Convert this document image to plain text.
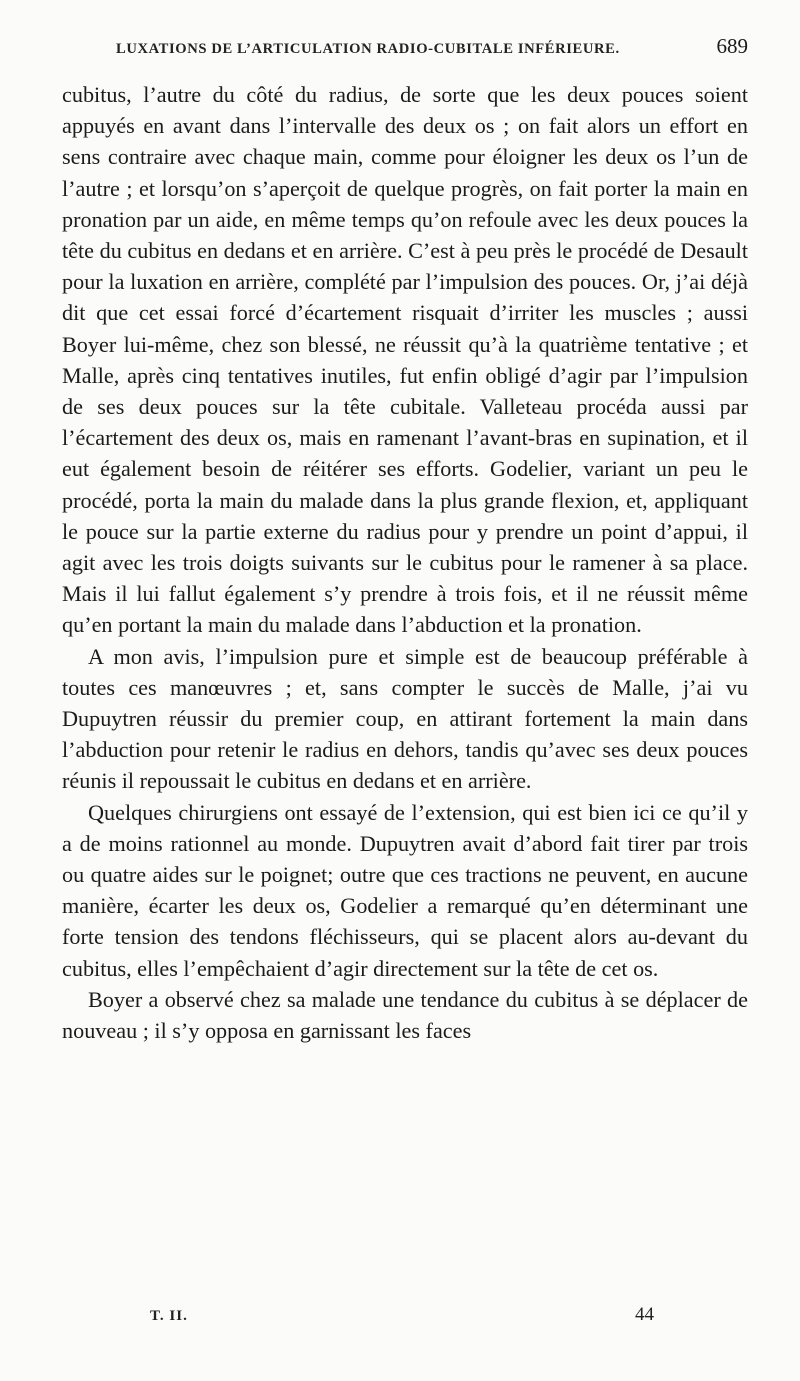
LUXATIONS DE L’ARTICULATION RADIO-CUBITALE INFÉRIEURE.	689

cubitus, l’autre du côté du radius, de sorte que les deux pouces soient appuyés en avant dans l’intervalle des deux os ; on fait alors un effort en sens contraire avec chaque main, comme pour éloigner les deux os l’un de l’autre ; et lorsqu’on s’aperçoit de quelque progrès, on fait porter la main en pronation par un aide, en même temps qu’on refoule avec les deux pouces la tête du cubitus en dedans et en arrière. C’est à peu près le procédé de Desault pour la luxation en arrière, complété par l’impulsion des pouces. Or, j’ai déjà dit que cet essai forcé d’écartement risquait d’irriter les muscles ; aussi Boyer lui-même, chez son blessé, ne réussit qu’à la quatrième tentative ; et Malle, après cinq tentatives inutiles, fut enfin obligé d’agir par l’impulsion de ses deux pouces sur la tête cubitale. Valleteau procéda aussi par l’écartement des deux os, mais en ramenant l’avant-bras en supination, et il eut également besoin de réitérer ses efforts. Godelier, variant un peu le procédé, porta la main du malade dans la plus grande flexion, et, appliquant le pouce sur la partie externe du radius pour y prendre un point d’appui, il agit avec les trois doigts suivants sur le cubitus pour le ramener à sa place. Mais il lui fallut également s’y prendre à trois fois, et il ne réussit même qu’en portant la main du malade dans l’abduction et la pronation.

A mon avis, l’impulsion pure et simple est de beaucoup préférable à toutes ces manœuvres ; et, sans compter le succès de Malle, j’ai vu Dupuytren réussir du premier coup, en attirant fortement la main dans l’abduction pour retenir le radius en dehors, tandis qu’avec ses deux pouces réunis il repoussait le cubitus en dedans et en arrière.

Quelques chirurgiens ont essayé de l’extension, qui est bien ici ce qu’il y a de moins rationnel au monde. Dupuytren avait d’abord fait tirer par trois ou quatre aides sur le poignet; outre que ces tractions ne peuvent, en aucune manière, écarter les deux os, Godelier a remarqué qu’en déterminant une forte tension des tendons fléchisseurs, qui se placent alors au-devant du cubitus, elles l’empêchaient d’agir directement sur la tête de cet os.

Boyer a observé chez sa malade une tendance du cubitus à se déplacer de nouveau ; il s’y opposa en garnissant les faces

T. II.	44
